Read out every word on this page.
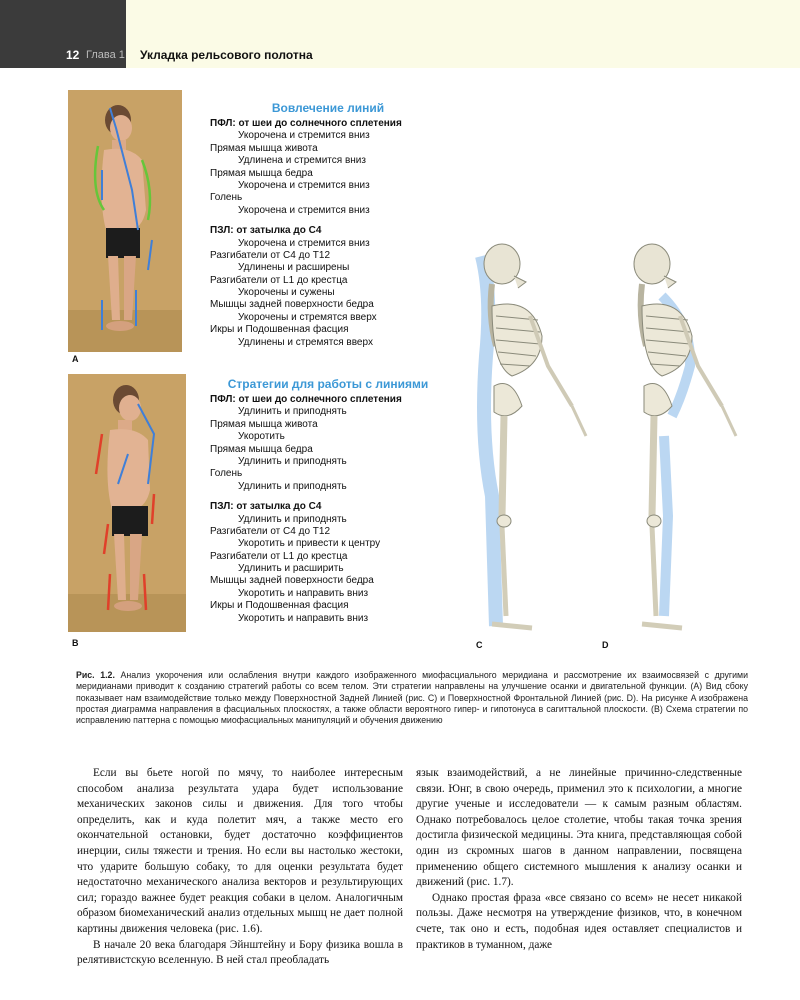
12 Глава 1 Укладка рельсового полотна
A
B
Вовлечение линий
ПФЛ: от шеи до солнечного сплетения
Укорочена и стремится вниз
Прямая мышца живота
Удлинена и стремится вниз
Прямая мышца бедра
Укорочена и стремится вниз
Голень
Укорочена и стремится вниз
ПЗЛ: от затылка до С4
Укорочена и стремится вниз
Разгибатели от С4 до Т12
Удлинены и расширены
Разгибатели от L1 до крестца
Укорочены и сужены
Мышцы задней поверхности бедра
Укорочены и стремятся вверх
Икры и Подошвенная фасция
Удлинены и стремятся вверх
Стратегии для работы с линиями
ПФЛ: от шеи до солнечного сплетения
Удлинить и приподнять
Прямая мышца живота
Укоротить
Прямая мышца бедра
Удлинить и приподнять
Голень
Удлинить и приподнять
ПЗЛ: от затылка до С4
Удлинить и приподнять
Разгибатели от С4 до Т12
Укоротить и привести к центру
Разгибатели от L1 до крестца
Удлинить и расширить
Мышцы задней поверхности бедра
Укоротить и направить вниз
Икры и Подошвенная фасция
Укоротить и направить вниз
C	D
Рис. 1.2. Анализ укорочения или ослабления внутри каждого изображенного миофасциального меридиана и рассмотрение их взаимосвязей с другими меридианами приводит к созданию стратегий работы со всем телом. Эти стратегии направлены на улучшение осанки и двигательной функции. (A) Вид сбоку показывает нам взаимодействие только между Поверхностной Задней Линией (рис. C) и Поверхностной Фронтальной Линией (рис. D). На рисунке A изображена простая диаграмма направления в фасциальных плоскостях, а также области вероятного гипер- и гипотонуса в сагиттальной плоскости. (B) Схема стратегии по исправлению паттерна с помощью миофасциальных манипуляций и обучения движению

Если вы бьете ногой по мячу, то наиболее интересным способом анализа результата удара будет использование механических законов силы и движения. Для того чтобы определить, как и куда полетит мяч, а также место его окончательной остановки, будет достаточно коэффициентов инерции, силы тяжести и трения. Но если вы настолько жестоки, что ударите большую собаку, то для оценки результата будет недостаточно механического анализа векторов и результирующих сил; гораздо важнее будет реакция собаки в целом. Аналогичным образом биомеханический анализ отдельных мышц не дает полной картины движения человека (рис. 1.6).

В начале 20 века благодаря Эйнштейну и Бору физика вошла в релятивистскую вселенную. В ней стал преобладать

язык взаимодействий, а не линейные причинно-следственные связи. Юнг, в свою очередь, применил это к психологии, а многие другие ученые и исследователи — к самым разным областям. Однако потребовалось целое столетие, чтобы такая точка зрения достигла физической медицины. Эта книга, представляющая собой один из скромных шагов в данном направлении, посвящена применению общего системного мышления к анализу осанки и движений (рис. 1.7).

Однако простая фраза «все связано со всем» не несет никакой пользы. Даже несмотря на утверждение физиков, что, в конечном счете, так оно и есть, подобная идея оставляет специалистов и практиков в туманном, даже
